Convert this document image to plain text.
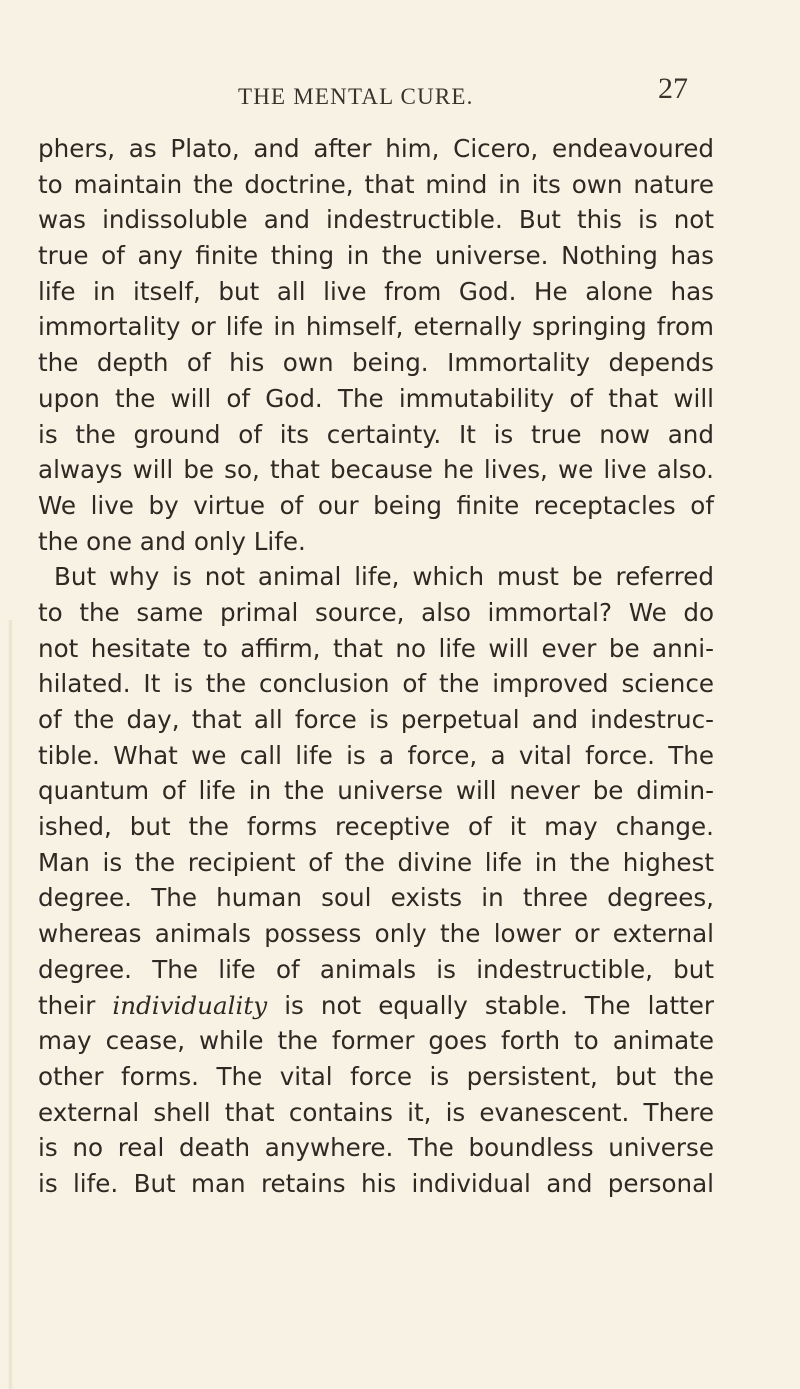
THE MENTAL CURE.	27
phers, as Plato, and after him, Cicero, endeavoured
to maintain the doctrine, that mind in its own nature
was indissoluble and indestructible. But this is not
true of any finite thing in the universe. Nothing has
life in itself, but all live from God. He alone has
immortality or life in himself, eternally springing from
the depth of his own being. Immortality depends
upon the will of God. The immutability of that will
is the ground of its certainty. It is true now and
always will be so, that because he lives, we live also.
We live by virtue of our being finite receptacles of
the one and only Life.
But why is not animal life, which must be referred
to the same primal source, also immortal? We do
not hesitate to affirm, that no life will ever be anni-
hilated. It is the conclusion of the improved science
of the day, that all force is perpetual and indestruc-
tible. What we call life is a force, a vital force. The
quantum of life in the universe will never be dimin-
ished, but the forms receptive of it may change.
Man is the recipient of the divine life in the highest
degree. The human soul exists in three degrees,
whereas animals possess only the lower or external
degree. The life of animals is indestructible, but
their individuality is not equally stable. The latter
may cease, while the former goes forth to animate
other forms. The vital force is persistent, but the
external shell that contains it, is evanescent. There
is no real death anywhere. The boundless universe
is life. But man retains his individual and personal
